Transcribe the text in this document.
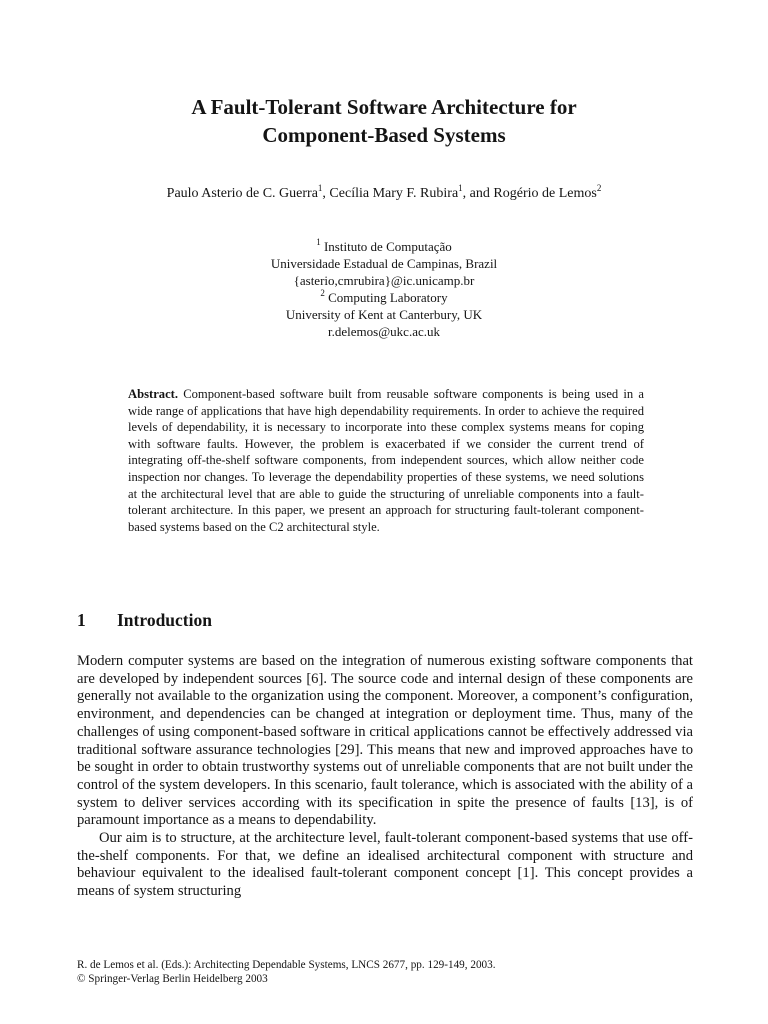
A Fault-Tolerant Software Architecture for
Component-Based Systems
Paulo Asterio de C. Guerra$^1$, Cecília Mary F. Rubira$^1$, and Rogério de Lemos$^2$
$^1$ Instituto de Computação
Universidade Estadual de Campinas, Brazil
{asterio,cmrubira}@ic.unicamp.br
$^2$ Computing Laboratory
University of Kent at Canterbury, UK
r.delemos@ukc.ac.uk
Abstract. Component-based software built from reusable software components is being used in a wide range of applications that have high dependability requirements. In order to achieve the required levels of dependability, it is necessary to incorporate into these complex systems means for coping with software faults. However, the problem is exacerbated if we consider the current trend of integrating off-the-shelf software components, from independent sources, which allow neither code inspection nor changes. To leverage the dependability properties of these systems, we need solutions at the architectural level that are able to guide the structuring of unreliable components into a fault-tolerant architecture. In this paper, we present an approach for structuring fault-tolerant component-based systems based on the C2 architectural style.
1 Introduction

Modern computer systems are based on the integration of numerous existing software components that are developed by independent sources [6]. The source code and internal design of these components are generally not available to the organization using the component. Moreover, a component’s configuration, environment, and dependencies can be changed at integration or deployment time. Thus, many of the challenges of using component-based software in critical applications cannot be effectively addressed via traditional software assurance technologies [29]. This means that new and improved approaches have to be sought in order to obtain trustworthy systems out of unreliable components that are not built under the control of the system developers. In this scenario, fault tolerance, which is associated with the ability of a system to deliver services according with its specification in spite the presence of faults [13], is of paramount importance as a means to dependability.

Our aim is to structure, at the architecture level, fault-tolerant component-based systems that use off-the-shelf components. For that, we define an idealised architectural component with structure and behaviour equivalent to the idealised fault-tolerant component concept [1]. This concept provides a means of system structuring

R. de Lemos et al. (Eds.): Architecting Dependable Systems, LNCS 2677, pp. 129-149, 2003.
© Springer-Verlag Berlin Heidelberg 2003
